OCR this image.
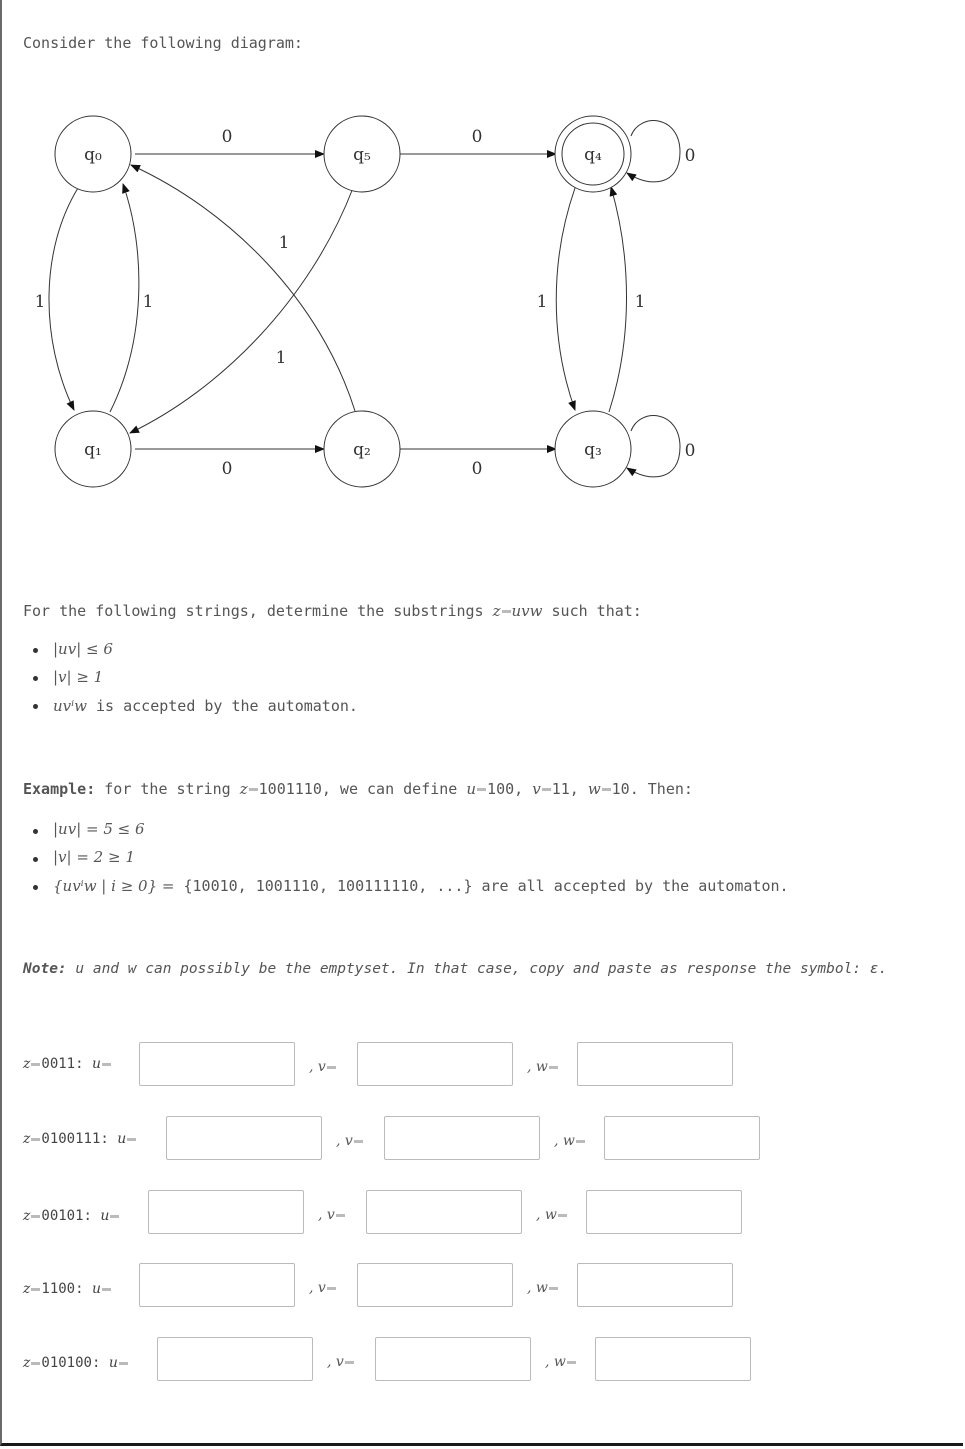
Consider the following diagram:
q₀	q₅	q₄
q₁	q₂	q₃
0	0
0
1	1
1
1
1	1
0	0
0
For the following strings, determine the substrings z uvw such that:
|uv| ≤ 6
|v| ≥ 1
uvⁱw is accepted by the automaton.
Example: for the string z 1001110, we can define u 100, v 11, w 10. Then:
|uv| = 5 ≤ 6
|v| = 2 ≥ 1
{uvⁱw | i ≥ 0} = {10010, 1001110, 100111110, ...} are all accepted by the automaton.
Note: u and w can possibly be the emptyset. In that case, copy and paste as response the symbol: ε.
z 0011: u	, v	, w
z 0100111: u	, v	, w
z 00101: u	, v	, w
z 1100: u	, v	, w
z 010100: u	, v	, w
